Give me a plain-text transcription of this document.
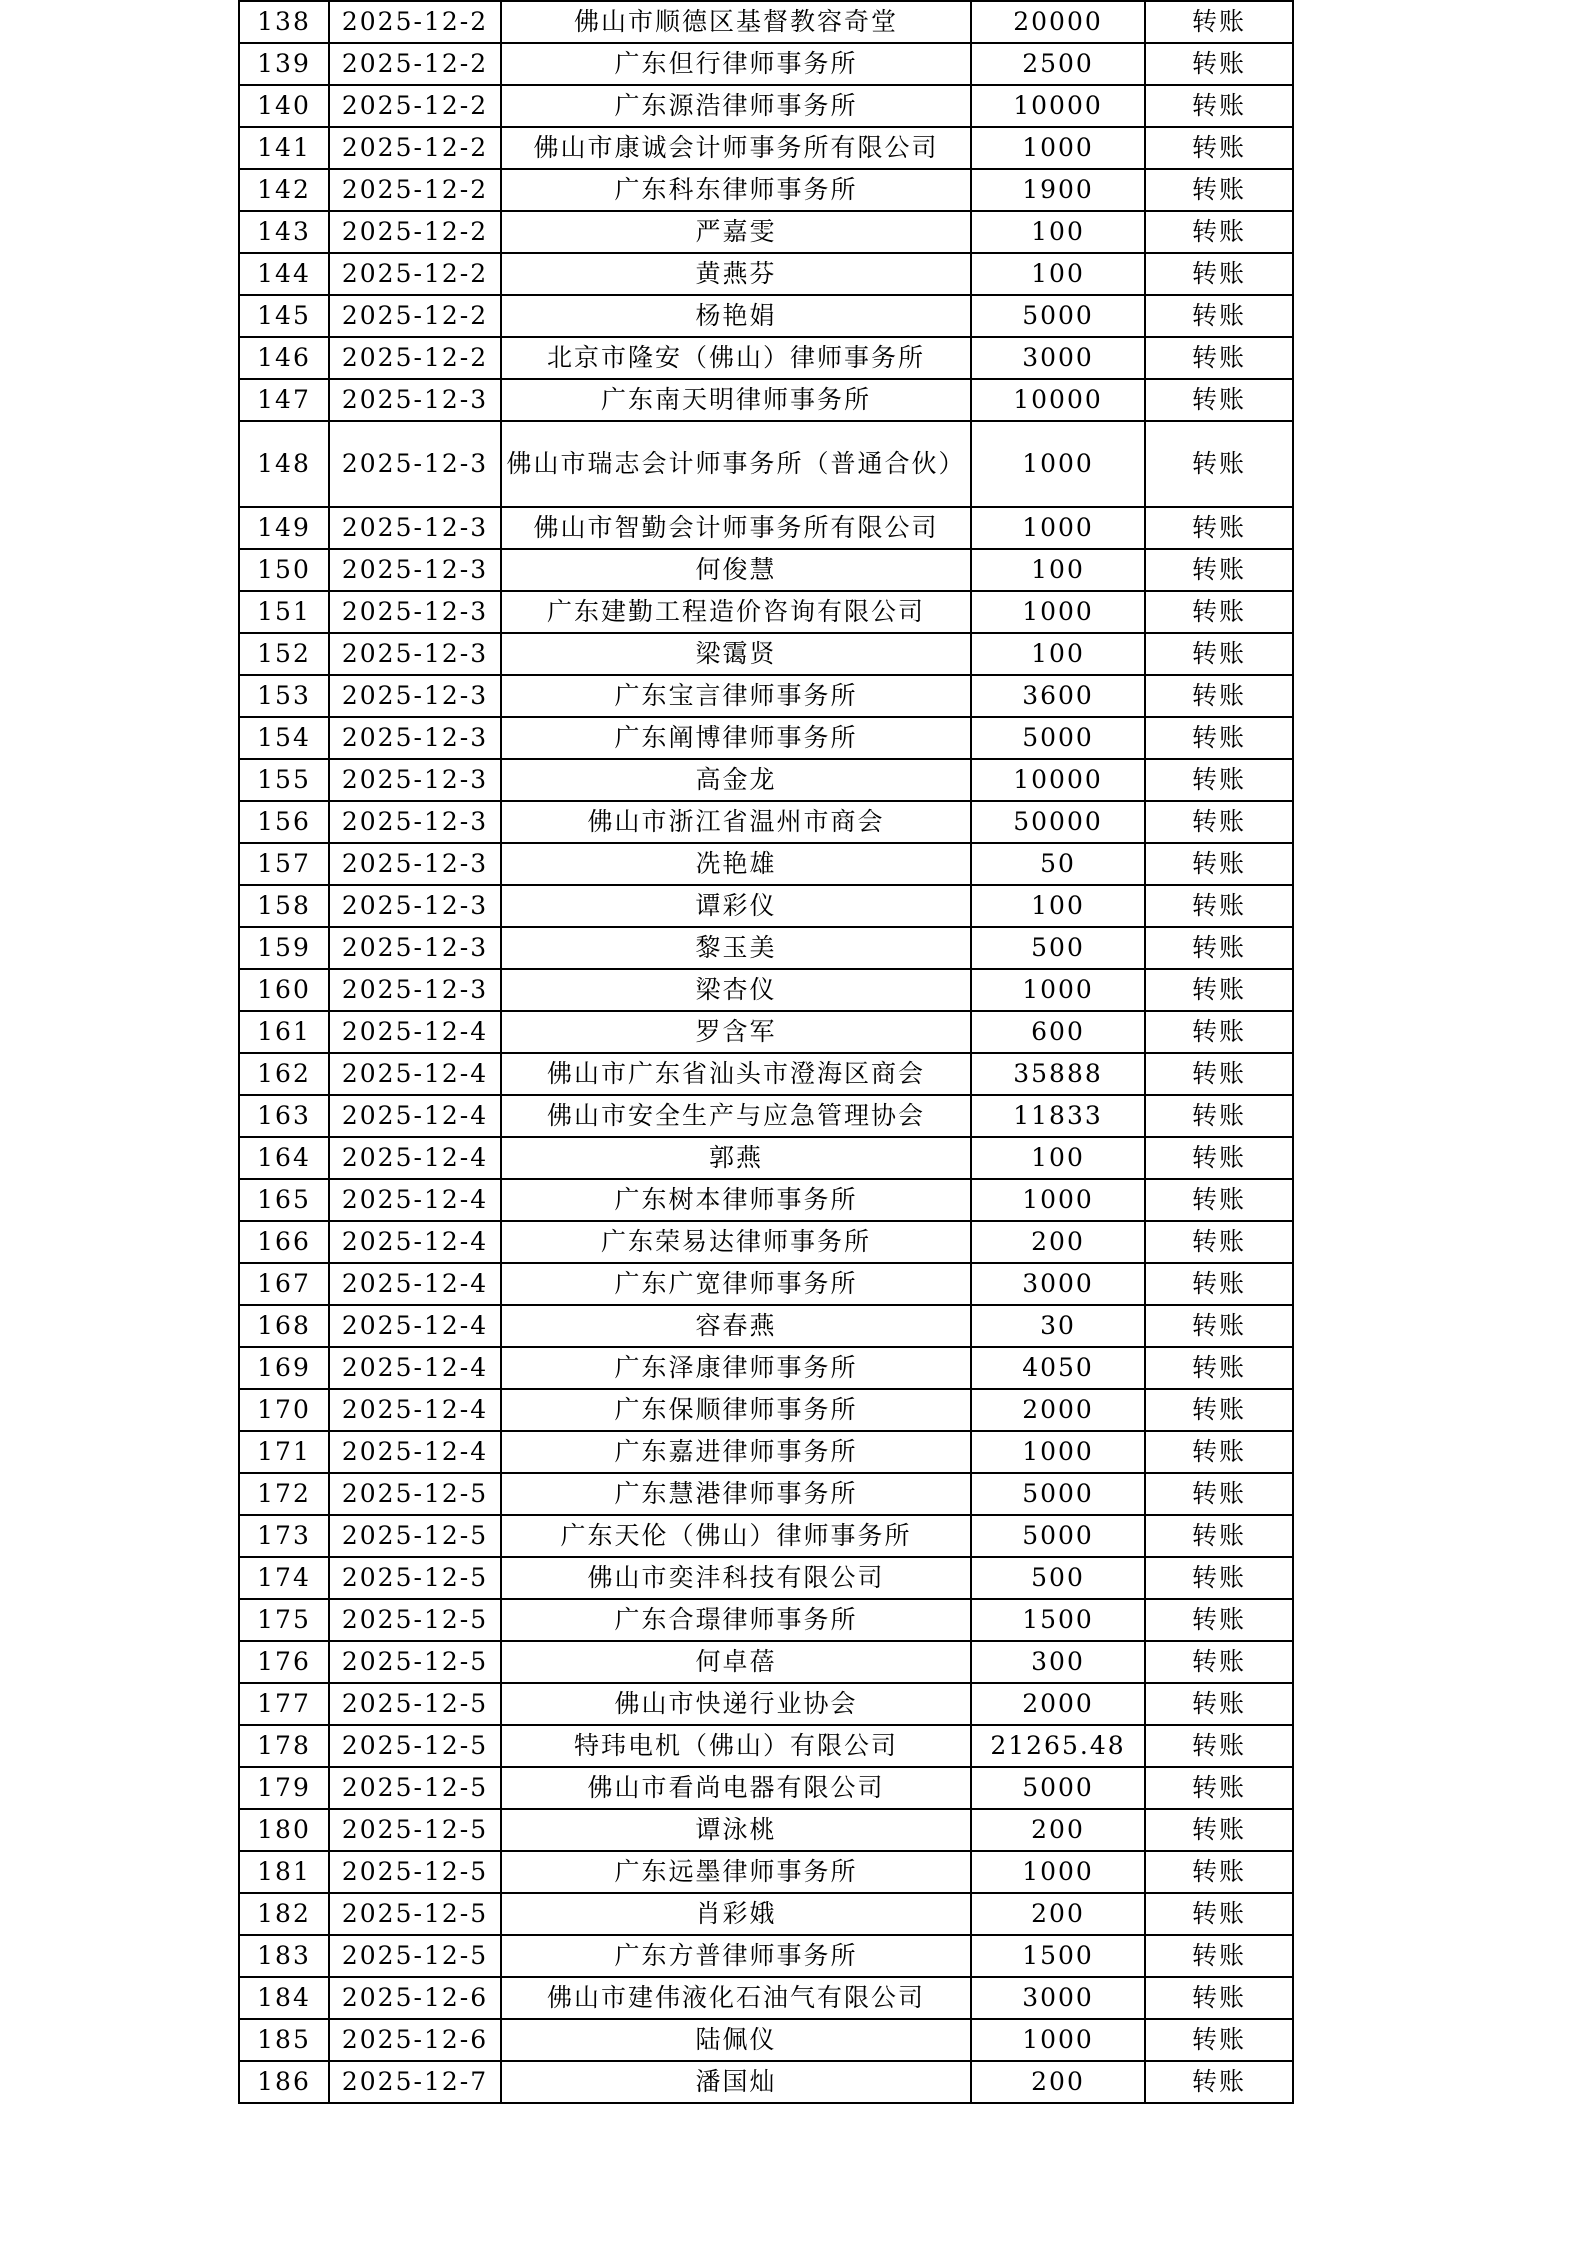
138	2025-12-2	佛山市顺德区基督教容奇堂	20000	转账
139	2025-12-2	广东但行律师事务所	2500	转账
140	2025-12-2	广东源浩律师事务所	10000	转账
141	2025-12-2	佛山市康诚会计师事务所有限公司	1000	转账
142	2025-12-2	广东科东律师事务所	1900	转账
143	2025-12-2	严嘉雯	100	转账
144	2025-12-2	黄燕芬	100	转账
145	2025-12-2	杨艳娟	5000	转账
146	2025-12-2	北京市隆安（佛山）律师事务所	3000	转账
147	2025-12-3	广东南天明律师事务所	10000	转账
148	2025-12-3	佛山市瑞志会计师事务所（普通合伙）	1000	转账
149	2025-12-3	佛山市智勤会计师事务所有限公司	1000	转账
150	2025-12-3	何俊慧	100	转账
151	2025-12-3	广东建勤工程造价咨询有限公司	1000	转账
152	2025-12-3	梁霭贤	100	转账
153	2025-12-3	广东宝言律师事务所	3600	转账
154	2025-12-3	广东阐博律师事务所	5000	转账
155	2025-12-3	高金龙	10000	转账
156	2025-12-3	佛山市浙江省温州市商会	50000	转账
157	2025-12-3	冼艳雄	50	转账
158	2025-12-3	谭彩仪	100	转账
159	2025-12-3	黎玉美	500	转账
160	2025-12-3	梁杏仪	1000	转账
161	2025-12-4	罗含军	600	转账
162	2025-12-4	佛山市广东省汕头市澄海区商会	35888	转账
163	2025-12-4	佛山市安全生产与应急管理协会	11833	转账
164	2025-12-4	郭燕	100	转账
165	2025-12-4	广东树本律师事务所	1000	转账
166	2025-12-4	广东荣易达律师事务所	200	转账
167	2025-12-4	广东广宽律师事务所	3000	转账
168	2025-12-4	容春燕	30	转账
169	2025-12-4	广东泽康律师事务所	4050	转账
170	2025-12-4	广东保顺律师事务所	2000	转账
171	2025-12-4	广东嘉进律师事务所	1000	转账
172	2025-12-5	广东慧港律师事务所	5000	转账
173	2025-12-5	广东天伦（佛山）律师事务所	5000	转账
174	2025-12-5	佛山市奕沣科技有限公司	500	转账
175	2025-12-5	广东合璟律师事务所	1500	转账
176	2025-12-5	何卓蓓	300	转账
177	2025-12-5	佛山市快递行业协会	2000	转账
178	2025-12-5	特玮电机（佛山）有限公司	21265.48	转账
179	2025-12-5	佛山市看尚电器有限公司	5000	转账
180	2025-12-5	谭泳桃	200	转账
181	2025-12-5	广东远墨律师事务所	1000	转账
182	2025-12-5	肖彩娥	200	转账
183	2025-12-5	广东方普律师事务所	1500	转账
184	2025-12-6	佛山市建伟液化石油气有限公司	3000	转账
185	2025-12-6	陆佩仪	1000	转账
186	2025-12-7	潘国灿	200	转账
